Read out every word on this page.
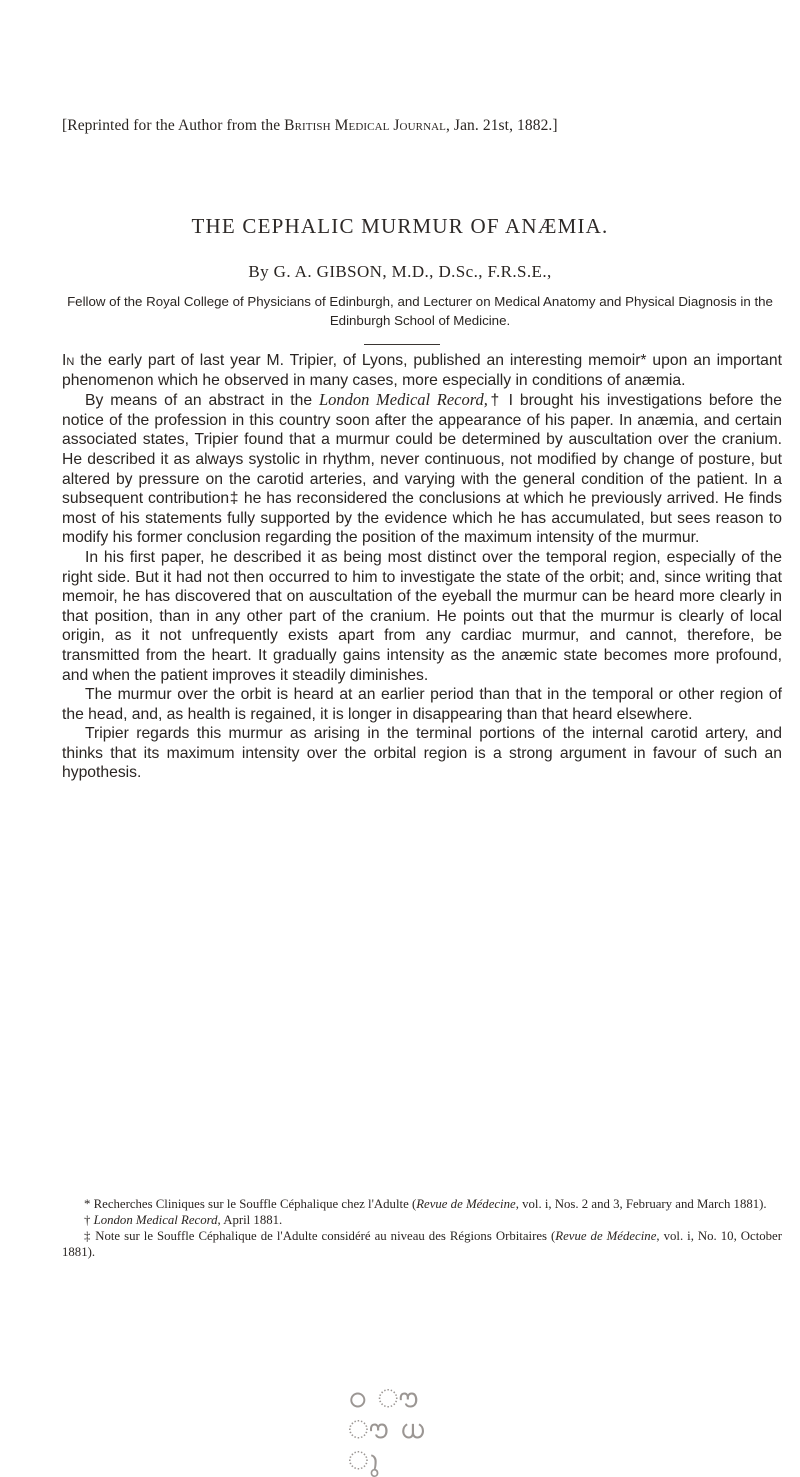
[Reprinted for the Author from the British Medical Journal, Jan. 21st, 1882.]
THE CEPHALIC MURMUR OF ANÆMIA.
By G. A. GIBSON, M.D., D.Sc., F.R.S.E.,
Fellow of the Royal College of Physicians of Edinburgh, and Lecturer on Medical Anatomy and Physical Diagnosis in the Edinburgh School of Medicine.

In the early part of last year M. Tripier, of Lyons, published an interesting memoir* upon an important phenomenon which he observed in many cases, more especially in conditions of anæmia.

By means of an abstract in the London Medical Record,† I brought his investigations before the notice of the profession in this country soon after the appearance of his paper. In anæmia, and certain associated states, Tripier found that a murmur could be determined by auscultation over the cranium. He described it as always systolic in rhythm, never continuous, not modified by change of posture, but altered by pressure on the carotid arteries, and varying with the general condition of the patient. In a subsequent contribution‡ he has reconsidered the conclusions at which he previously arrived. He finds most of his statements fully supported by the evidence which he has accumulated, but sees reason to modify his former conclusion regarding the position of the maximum intensity of the murmur.

In his first paper, he described it as being most distinct over the temporal region, especially of the right side. But it had not then occurred to him to investigate the state of the orbit; and, since writing that memoir, he has discovered that on auscultation of the eyeball the murmur can be heard more clearly in that position, than in any other part of the cranium. He points out that the murmur is clearly of local origin, as it not unfrequently exists apart from any cardiac murmur, and cannot, therefore, be transmitted from the heart. It gradually gains intensity as the anæmic state becomes more profound, and when the patient improves it steadily diminishes.

The murmur over the orbit is heard at an earlier period than that in the temporal or other region of the head, and, as health is regained, it is longer in disappearing than that heard elsewhere.

Tripier regards this murmur as arising in the terminal portions of the internal carotid artery, and thinks that its maximum intensity over the orbital region is a strong argument in favour of such an hypothesis.

* Recherches Cliniques sur le Souffle Céphalique chez l'Adulte (Revue de Médecine, vol. i, Nos. 2 and 3, February and March 1881).

† London Medical Record, April 1881.

‡ Note sur le Souffle Céphalique de l'Adulte considéré au niveau des Régions Orbitaires (Revue de Médecine, vol. i, No. 10, October 1881).

ഠ ൗ ൗ ധ ു
